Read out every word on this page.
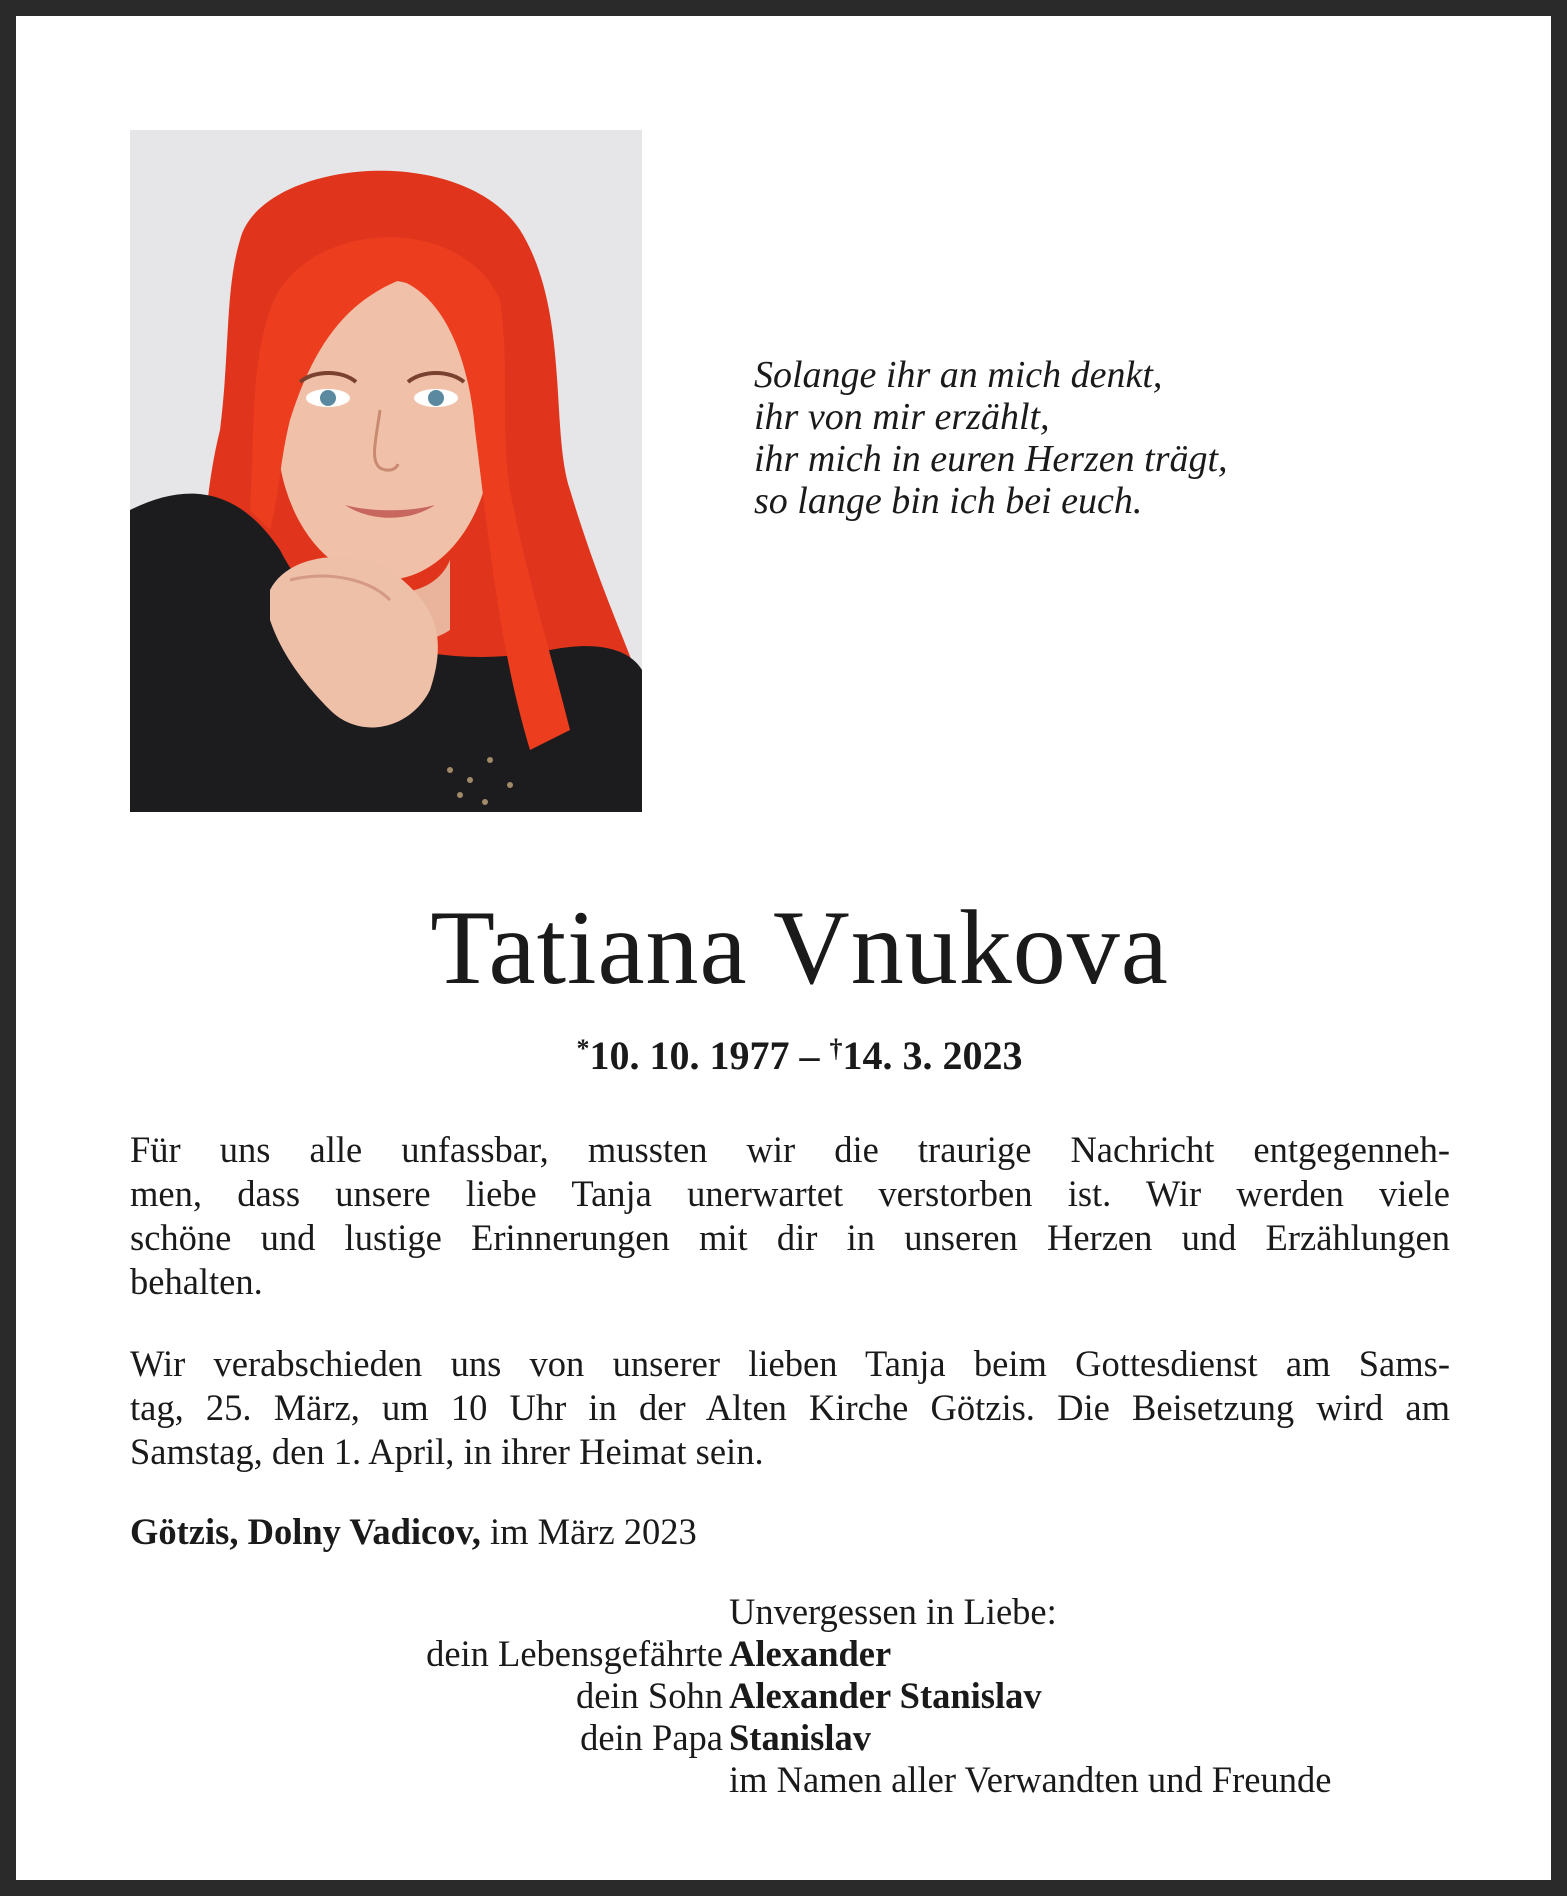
Solange ihr an mich denkt,
ihr von mir erzählt,
ihr mich in euren Herzen trägt,
so lange bin ich bei euch.
Tatiana Vnukova
*10. 10. 1977 – †14. 3. 2023
Für uns alle unfassbar, mussten wir die traurige Nachricht entgegenneh-
men, dass unsere liebe Tanja unerwartet verstorben ist. Wir werden viele
schöne und lustige Erinnerungen mit dir in unseren Herzen und Erzählungen
behalten.
Wir verabschieden uns von unserer lieben Tanja beim Gottesdienst am Sams-
tag, 25. März, um 10 Uhr in der Alten Kirche Götzis. Die Beisetzung wird am
Samstag, den 1. April, in ihrer Heimat sein.
Götzis, Dolny Vadicov, im März 2023
Unvergessen in Liebe:
dein Lebensgefährte Alexander
dein Sohn Alexander Stanislav
dein Papa Stanislav
im Namen aller Verwandten und Freunde
